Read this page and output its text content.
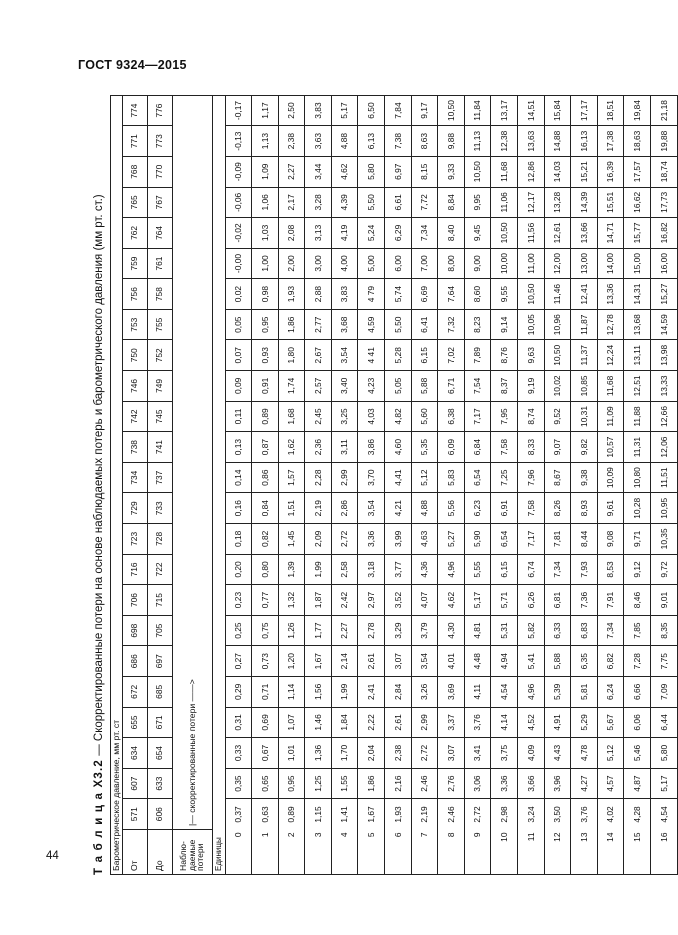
ГОСТ 9324—2015
Т а б л и ц а Х3.2 — Скорректированные потери на основе наблюдаемых потерь и барометрического давления (мм рт. ст.)

Барометрическое давление, мм рт. ст																								
От	571	607	634	655	672	686	698	706	716	723	729	734	738	742	746	750	753	756	759	762	765	768	771	774
До	606	633	654	671	685	697	705	715	722	728	733	737	741	745	749	752	755	758	761	764	767	770	773	776

Наблю-
даемые
потери	|— скорректированные потери ——>																							
Единицы																								
0	0,37	0,35	0,33	0,31	0,29	0,27	0,25	0,23	0,20	0,18	0,16	0,14	0,13	0,11	0,09	0,07	0,05	0,02	-0,00	-0,02	-0,06	-0,09	-0,13	-0,17
1	0,63	0,65	0,67	0,69	0,71	0,73	0,75	0,77	0,80	0,82	0,84	0,86	0,87	0,89	0,91	0,93	0,95	0,98	1,00	1,03	1,06	1,09	1,13	1,17
2	0,89	0,95	1,01	1,07	1,14	1,20	1,26	1,32	1,39	1,45	1,51	1,57	1,62	1,68	1,74	1,80	1,86	1,93	2,00	2,08	2,17	2,27	2,38	2,50
3	1,15	1,25	1,36	1,46	1,56	1,67	1,77	1,87	1,99	2,09	2,19	2,28	2,36	2,45	2,57	2,67	2,77	2,88	3,00	3,13	3,28	3,44	3,63	3,83
4	1,41	1,55	1,70	1,84	1,99	2,14	2,27	2,42	2,58	2,72	2,86	2,99	3,11	3,25	3,40	3,54	3,68	3,83	4,00	4,19	4,39	4,62	4,88	5,17
5	1,67	1,86	2,04	2,22	2,41	2,61	2,78	2,97	3,18	3,36	3,54	3,70	3,86	4,03	4,23	4 41	4,59	4 79	5,00	5,24	5,50	5,80	6,13	6,50
6	1,93	2,16	2,38	2,61	2,84	3,07	3,29	3,52	3,77	3,99	4,21	4,41	4,60	4,82	5,05	5,28	5,50	5,74	6,00	6,29	6,61	6,97	7,38	7,84
7	2,19	2,46	2,72	2,99	3,26	3,54	3,79	4,07	4,36	4,63	4,88	5,12	5,35	5,60	5,88	6,15	6,41	6,69	7,00	7,34	7,72	8,15	8,63	9,17
8	2,46	2,76	3,07	3,37	3,69	4,01	4,30	4,62	4,96	5,27	5,56	5,83	6,09	6,38	6,71	7,02	7,32	7,64	8,00	8,40	8,84	9,33	9,88	10,50
9	2,72	3,06	3,41	3,76	4,11	4,48	4,81	5,17	5,55	5,90	6,23	6,54	6,84	7,17	7,54	7,89	8,23	8,60	9,00	9,45	9,95	10,50	11,13	11,84
10	2,98	3,36	3,75	4,14	4,54	4,94	5,31	5,71	6,15	6,54	6,91	7,25	7,58	7,95	8,37	8,76	9,14	9,55	10,00	10,50	11,06	11,68	12,38	13,17
11	3,24	3,66	4,09	4,52	4,96	5,41	5,82	6,26	6,74	7,17	7,58	7,96	8,33	8,74	9,19	9,63	10,05	10,50	11,00	11,56	12,17	12,86	13,63	14,51
12	3,50	3,96	4,43	4,91	5,39	5,88	6,33	6,81	7,34	7,81	8,26	8,67	9,07	9,52	10,02	10,50	10,96	11,46	12,00	12,61	13,28	14,03	14,88	15,84
13	3,76	4,27	4,78	5,29	5,81	6,35	6,83	7,36	7,93	8,44	8,93	9,38	9,82	10,31	10,85	11,37	11,87	12,41	13,00	13,66	14,39	15,21	16,13	17,17
14	4,02	4,57	5,12	5,67	6,24	6,82	7,34	7,91	8,53	9,08	9,61	10,09	10,57	11,09	11,68	12,24	12,78	13,36	14,00	14,71	15,51	16,39	17,38	18,51
15	4,28	4,87	5,46	6,06	6,66	7,28	7,85	8,46	9,12	9,71	10,28	10,80	11,31	11,88	12,51	13,11	13,68	14,31	15,00	15,77	16,62	17,57	18,63	19,84
16	4,54	5,17	5,80	6,44	7,09	7,75	8,35	9,01	9,72	10,35	10,95	11,51	12,06	12,66	13,33	13,98	14,59	15,27	16,00	16,82	17,73	18,74	19,88	21,18
44
